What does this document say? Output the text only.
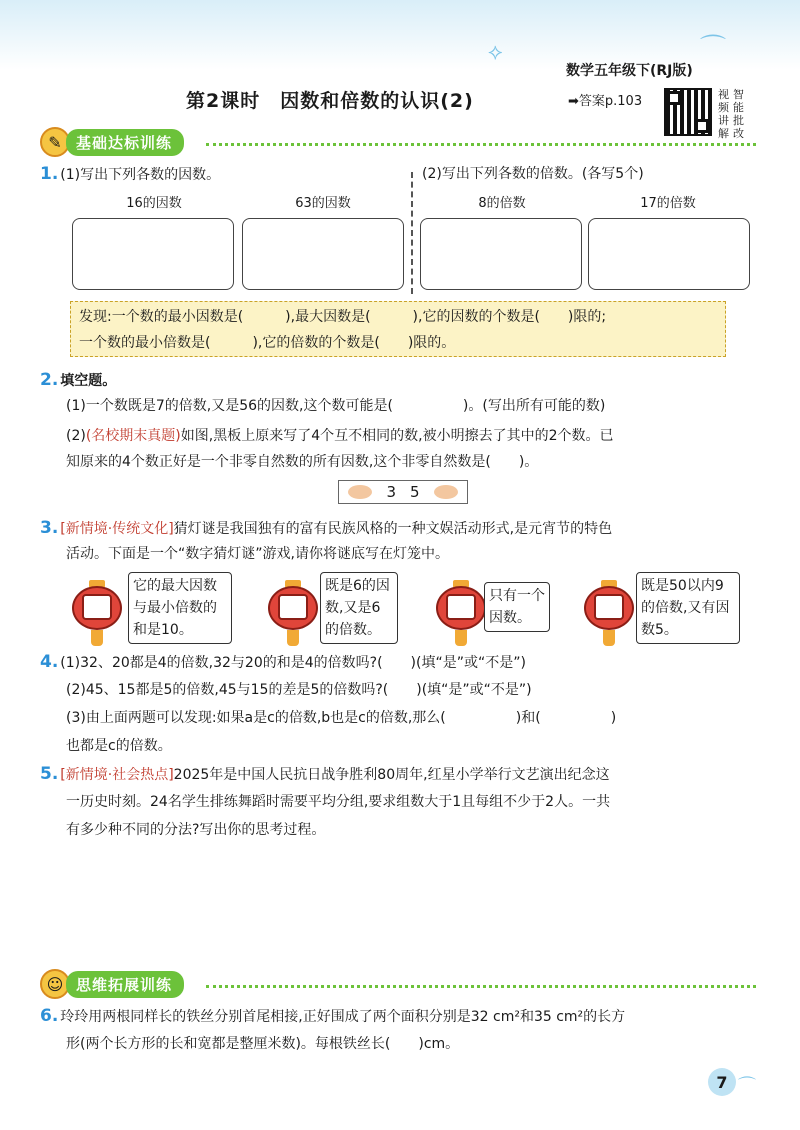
⟡	⌒
数学五年级下(RJ版)
第2课时　因数和倍数的认识(2)	➡答案p.103	视 智
频 能
讲 批
解 改
✎ 基础达标训练
1. (1)写出下列各数的因数。	(2)写出下列各数的倍数。(各写5个)
16的因数	63的因数	8的倍数	17的倍数
发现:一个数的最小因数是(　　　),最大因数是(　　　),它的因数的个数是(　　)限的;
一个数的最小倍数是(　　　),它的倍数的个数是(　　)限的。
2. 填空题。
(1)一个数既是7的倍数,又是56的因数,这个数可能是(　　　　　)。(写出所有可能的数)
(2)(名校期末真题)如图,黑板上原来写了4个互不相同的数,被小明擦去了其中的2个数。已
知原来的4个数正好是一个非零自然数的所有因数,这个非零自然数是(　　)。
3 5
3. [新情境·传统文化]猜灯谜是我国独有的富有民族风格的一种文娱活动形式,是元宵节的特色
活动。下面是一个“数字猜灯谜”游戏,请你将谜底写在灯笼中。
它的最大因数与最小倍数的和是10。
既是6的因数,又是6的倍数。
只有一个因数。
既是50以内9的倍数,又有因数5。
4. (1)32、20都是4的倍数,32与20的和是4的倍数吗?(　　)(填“是”或“不是”)
(2)45、15都是5的倍数,45与15的差是5的倍数吗?(　　)(填“是”或“不是”)
(3)由上面两题可以发现:如果a是c的倍数,b也是c的倍数,那么(　　　　　)和(　　　　　)
也都是c的倍数。
5. [新情境·社会热点]2025年是中国人民抗日战争胜利80周年,红星小学举行文艺演出纪念这
一历史时刻。24名学生排练舞蹈时需要平均分组,要求组数大于1且每组不少于2人。一共
有多少种不同的分法?写出你的思考过程。
☺ 思维拓展训练
6. 玲玲用两根同样长的铁丝分别首尾相接,正好围成了两个面积分别是32 cm²和35 cm²的长方
形(两个长方形的长和宽都是整厘米数)。每根铁丝长(　　)cm。
7 ⌒
